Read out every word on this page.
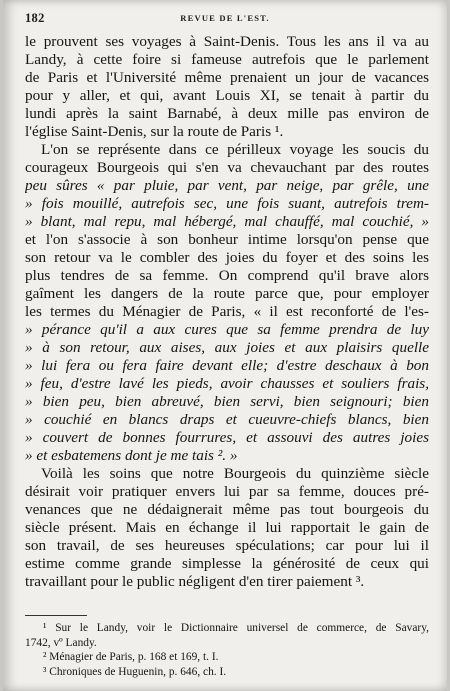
182	REVUE DE L'EST.
le prouvent ses voyages à Saint-Denis. Tous les ans il va au
Landy, à cette foire si fameuse autrefois que le parlement
de Paris et l'Université même prenaient un jour de vacances
pour y aller, et qui, avant Louis XI, se tenait à partir du
lundi après la saint Barnabé, à deux mille pas environ de
l'église Saint-Denis, sur la route de Paris ¹.
L'on se représente dans ce périlleux voyage les soucis du
courageux Bourgeois qui s'en va chevauchant par des routes
peu sûres « par pluie, par vent, par neige, par grêle, une
» fois mouillé, autrefois sec, une fois suant, autrefois trem-
» blant, mal repu, mal hébergé, mal chauffé, mal couchié, »
et l'on s'associe à son bonheur intime lorsqu'on pense que
son retour va le combler des joies du foyer et des soins les
plus tendres de sa femme. On comprend qu'il brave alors
gaîment les dangers de la route parce que, pour employer
les termes du Ménagier de Paris, « il est reconforté de l'es-
» pérance qu'il a aux cures que sa femme prendra de luy
» à son retour, aux aises, aux joies et aux plaisirs quelle
» lui fera ou fera faire devant elle; d'estre deschaux à bon
» feu, d'estre lavé les pieds, avoir chausses et souliers frais,
» bien peu, bien abreuvé, bien servi, bien seignouri; bien
» couchié en blancs draps et cueuvre-chiefs blancs, bien
» couvert de bonnes fourrures, et assouvi des autres joies
» et esbatemens dont je me tais ². »
Voilà les soins que notre Bourgeois du quinzième siècle
désirait voir pratiquer envers lui par sa femme, douces pré-
venances que ne dédaignerait même pas tout bourgeois du
siècle présent. Mais en échange il lui rapportait le gain de
son travail, de ses heureuses spéculations; car pour lui il
estime comme grande simplesse la générosité de ceux qui
travaillant pour le public négligent d'en tirer paiement ³.
¹ Sur le Landy, voir le Dictionnaire universel de commerce, de Savary,
1742, vº Landy.
² Ménagier de Paris, p. 168 et 169, t. I.
³ Chroniques de Huguenin, p. 646, ch. I.
